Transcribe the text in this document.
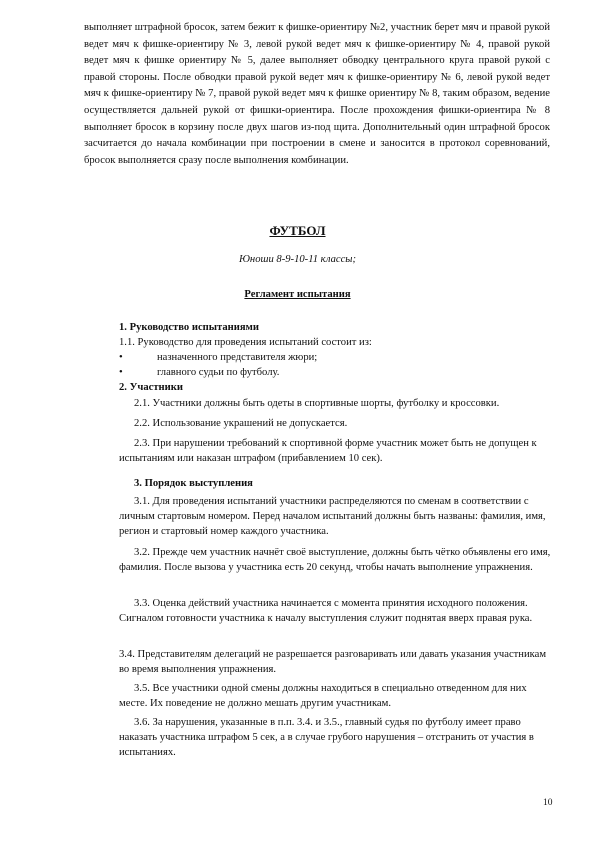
выполняет штрафной бросок, затем бежит к фишке-ориентиру №2, участник берет мяч и правой рукой ведет мяч к фишке-ориентиру № 3, левой рукой ведет мяч к фишке-ориентиру № 4, правой рукой ведет мяч к фишке ориентиру № 5, далее выполняет обводку центрального круга правой рукой с правой стороны. После обводки правой рукой ведет мяч к фишке-ориентиру № 6, левой рукой ведет мяч к фишке-ориентиру № 7, правой рукой ведет мяч к фишке ориентиру № 8, таким образом, ведение осуществляется дальней рукой от фишки-ориентира. После прохождения фишки-ориентира № 8 выполняет бросок в корзину после двух шагов из-под щита. Дополнительный один штрафной бросок засчитается до начала комбинации при построении в смене и заносится в протокол соревнований, бросок выполняется сразу после выполнения комбинации.

ФУТБОЛ

Юноши 8-9-10-11 классы;

Регламент испытания

1. Руководство испытаниями

1.1. Руководство для проведения испытаний состоит из:

•	назначенного представителя жюри;

•	главного судьи по футболу.

2. Участники

2.1. Участники должны быть одеты в спортивные шорты, футболку и кроссовки.

2.2. Использование украшений не допускается.

2.3. При нарушении требований к спортивной форме участник может быть не допущен к испытаниям или наказан штрафом (прибавлением 10 сек).

3. Порядок выступления

3.1. Для проведения испытаний участники распределяются по сменам в соответствии с личным стартовым номером. Перед началом испытаний должны быть названы: фамилия, имя, регион и стартовый номер каждого участника.

3.2. Прежде чем участник начнёт своё выступление, должны быть чётко объявлены его имя, фамилия. После вызова у участника есть 20 секунд, чтобы начать выполнение упражнения.

3.3. Оценка действий участника начинается с момента принятия исходного положения. Сигналом готовности участника к началу выступления служит поднятая вверх правая рука.

3.4. Представителям делегаций не разрешается разговаривать или давать указания участникам во время выполнения упражнения.

3.5. Все участники одной смены должны находиться в специально отведенном для них месте. Их поведение не должно мешать другим участникам.

3.6. За нарушения, указанные в п.п. 3.4. и 3.5., главный судья по футболу имеет право наказать участника штрафом 5 сек, а в случае грубого нарушения – отстранить от участия в испытаниях.

10
